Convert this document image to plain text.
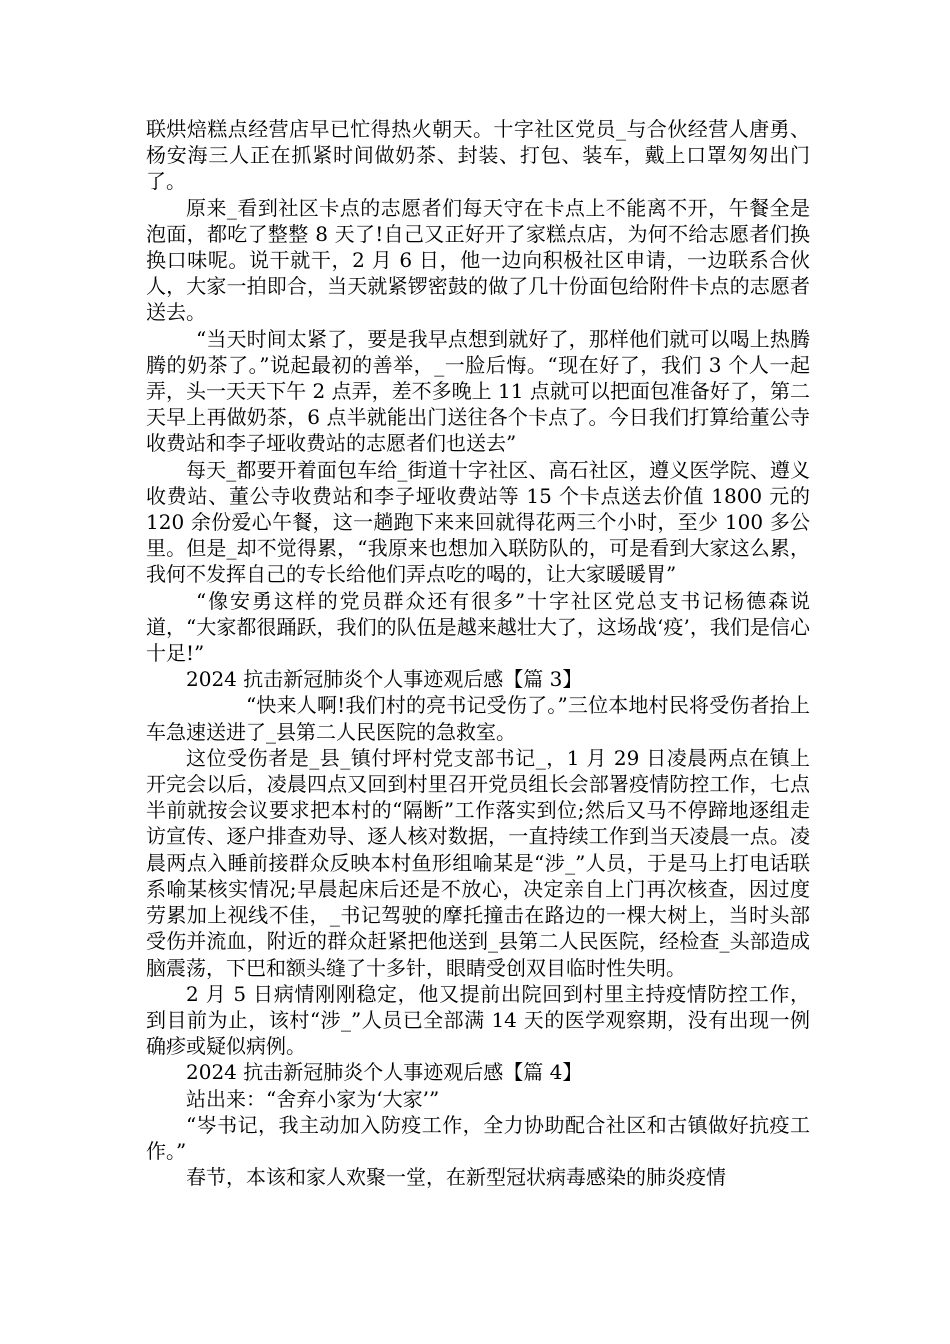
联烘焙糕点经营店早已忙得热火朝天。十字社区党员_与合伙经营人唐勇、杨安海三人正在抓紧时间做奶茶、封装、打包、装车，戴上口罩匆匆出门了。

原来_看到社区卡点的志愿者们每天守在卡点上不能离不开，午餐全是泡面，都吃了整整 8 天了!自己又正好开了家糕点店，为何不给志愿者们换换口味呢。说干就干，2 月 6 日，他一边向积极社区申请，一边联系合伙人，大家一拍即合，当天就紧锣密鼓的做了几十份面包给附件卡点的志愿者送去。

“当天时间太紧了，要是我早点想到就好了，那样他们就可以喝上热腾腾的奶茶了。”说起最初的善举，_一脸后悔。“现在好了，我们 3 个人一起弄，头一天天下午 2 点弄，差不多晚上 11 点就可以把面包准备好了，第二天早上再做奶茶，6 点半就能出门送往各个卡点了。今日我们打算给董公寺收费站和李子垭收费站的志愿者们也送去”

每天_都要开着面包车给_街道十字社区、高石社区，遵义医学院、遵义收费站、董公寺收费站和李子垭收费站等 15 个卡点送去价值 1800 元的 120 余份爱心午餐，这一趟跑下来来回就得花两三个小时，至少 100 多公里。但是_却不觉得累，“我原来也想加入联防队的，可是看到大家这么累，我何不发挥自己的专长给他们弄点吃的喝的，让大家暖暖胃”

“像安勇这样的党员群众还有很多”十字社区党总支书记杨德森说道，“大家都很踊跃，我们的队伍是越来越壮大了，这场战‘疫’，我们是信心十足!”

2024 抗击新冠肺炎个人事迹观后感【篇 3】

“快来人啊!我们村的亮书记受伤了。”三位本地村民将受伤者抬上车急速送进了_县第二人民医院的急救室。

这位受伤者是_县_镇付坪村党支部书记_，1 月 29 日凌晨两点在镇上开完会以后，凌晨四点又回到村里召开党员组长会部署疫情防控工作，七点半前就按会议要求把本村的“隔断”工作落实到位;然后又马不停蹄地逐组走访宣传、逐户排查劝导、逐人核对数据，一直持续工作到当天凌晨一点。凌晨两点入睡前接群众反映本村鱼形组喻某是“涉_”人员，于是马上打电话联系喻某核实情况;早晨起床后还是不放心，决定亲自上门再次核查，因过度劳累加上视线不佳，_书记驾驶的摩托撞击在路边的一棵大树上，当时头部受伤并流血，附近的群众赶紧把他送到_县第二人民医院，经检查_头部造成脑震荡，下巴和额头缝了十多针，眼睛受创双目临时性失明。

2 月 5 日病情刚刚稳定，他又提前出院回到村里主持疫情防控工作，到目前为止，该村“涉_”人员已全部满 14 天的医学观察期，没有出现一例确疹或疑似病例。

2024 抗击新冠肺炎个人事迹观后感【篇 4】

站出来：“舍弃小家为‘大家’”

“岑书记，我主动加入防疫工作，全力协助配合社区和古镇做好抗疫工作。”

春节，本该和家人欢聚一堂，在新型冠状病毒感染的肺炎疫情
